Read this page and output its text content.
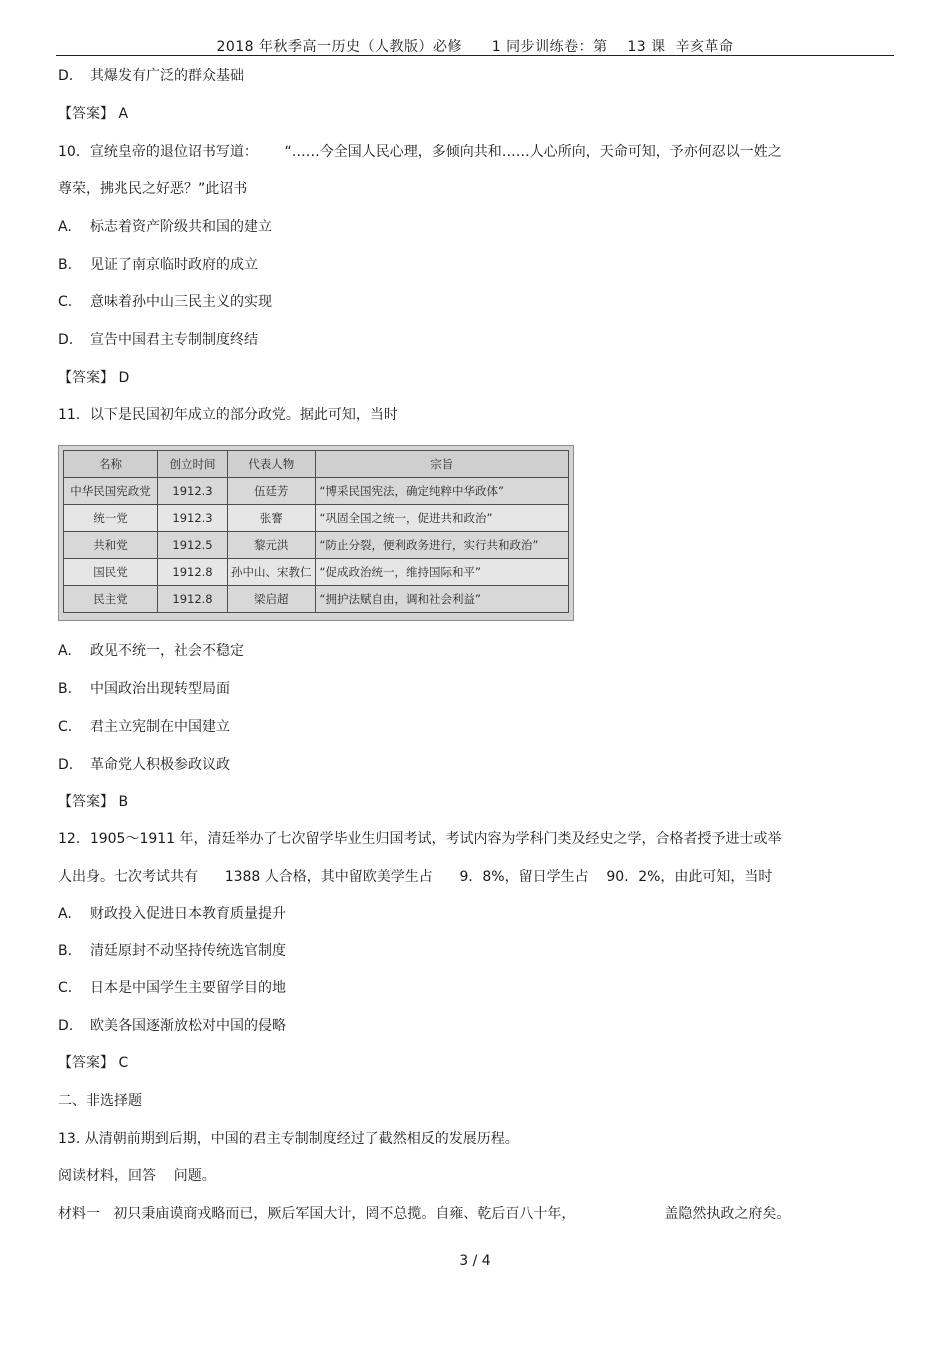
2018 年秋季高一历史（人教版）必修      1 同步训练卷：第    13 课  辛亥革命
D. 其爆发有广泛的群众基础
【答案】 A
10．宣统皇帝的退位诏书写道：      “……今全国人民心理，多倾向共和……人心所向，天命可知，予亦何忍以一姓之
尊荣，拂兆民之好恶？”此诏书
A. 标志着资产阶级共和国的建立
B. 见证了南京临时政府的成立
C. 意味着孙中山三民主义的实现
D. 宣告中国君主专制制度终结
【答案】 D
11．以下是民国初年成立的部分政党。据此可知，当时
名称	创立时间	代表人物	宗旨
中华民国宪政党	1912.3	伍廷芳	“博采民国宪法，确定纯粹中华政体”
统一党	1912.3	张謇	“巩固全国之统一，促进共和政治”
共和党	1912.5	黎元洪	“防止分裂，便利政务进行，实行共和政治”
国民党	1912.8	孙中山、宋教仁	“促成政治统一，维持国际和平”
民主党	1912.8	梁启超	“拥护法赋自由，调和社会利益”
A. 政见不统一，社会不稳定
B. 中国政治出现转型局面
C. 君主立宪制在中国建立
D. 革命党人积极参政议政
【答案】 B
12．1905～1911 年，清廷举办了七次留学毕业生归国考试，考试内容为学科门类及经史之学，合格者授予进士或举
人出身。七次考试共有      1388 人合格，其中留欧美学生占      9．8%，留日学生占    90．2%，由此可知，当时
A. 财政投入促进日本教育质量提升
B. 清廷原封不动坚持传统选官制度
C. 日本是中国学生主要留学目的地
D. 欧美各国逐渐放松对中国的侵略
【答案】 C
二、非选择题
13. 从清朝前期到后期，中国的君主专制制度经过了截然相反的发展历程。
阅读材料，回答    问题。
材料一   初只秉庙谟商戎略而已，厥后军国大计，罔不总揽。自雍、乾后百八十年，                    盖隐然执政之府矣。
3 / 4
